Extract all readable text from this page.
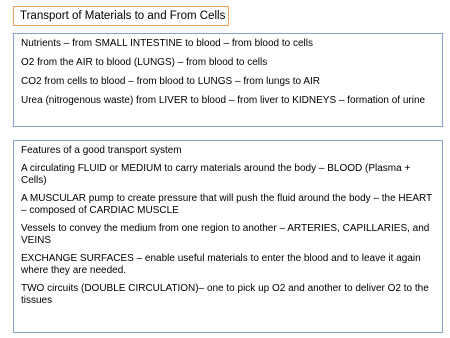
Transport of Materials to and From Cells

Nutrients – from SMALL INTESTINE to blood – from blood to cells

O2 from the AIR to blood (LUNGS) – from blood to cells

CO2 from cells to blood – from blood to LUNGS – from lungs to AIR

Urea (nitrogenous waste) from LIVER to blood – from liver to KIDNEYS – formation of urine

Features of a good transport system

A circulating FLUID or MEDIUM to carry materials around the body – BLOOD (Plasma + Cells)

A MUSCULAR pump to create pressure that will push the fluid around the body – the HEART – composed of CARDIAC MUSCLE

Vessels to convey the medium from one region to another – ARTERIES, CAPILLARIES, and VEINS

EXCHANGE SURFACES – enable useful materials to enter the blood and to leave it again where they are needed.

TWO circuits (DOUBLE CIRCULATION)– one to pick up O2 and another to deliver O2 to the tissues
